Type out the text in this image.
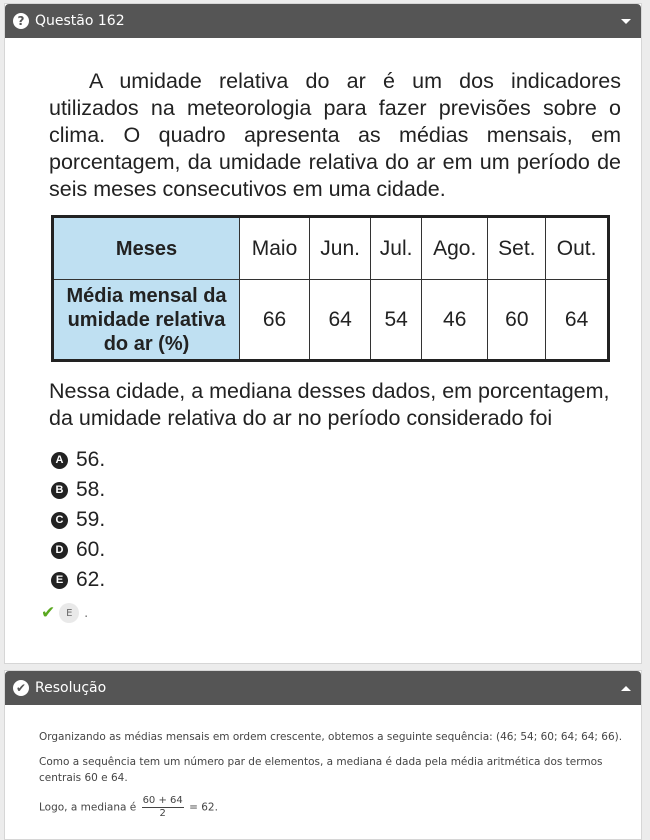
? Questão 162
A umidade relativa do ar é um dos indicadores utilizados na meteorologia para fazer previsões sobre o clima. O quadro apresenta as médias mensais, em porcentagem, da umidade relativa do ar em um período de seis meses consecutivos em uma cidade.
Meses	Maio	Jun.	Jul.	Ago.	Set.	Out.
Média mensal da umidade relativa do ar (%)	66	64	54	46	60	64
Nessa cidade, a mediana desses dados, em porcentagem, da umidade relativa do ar no período considerado foi
A 56.
B 58.
C 59.
D 60.
E 62.
✔	E .
✔ Resolução
Organizando as médias mensais em ordem crescente, obtemos a seguinte sequência: (46; 54; 60; 64; 64; 66).
Como a sequência tem um número par de elementos, a mediana é dada pela média aritmética dos termos centrais 60 e 64.
Logo, a mediana é $\frac{60 + 64}{2} = 62$.
